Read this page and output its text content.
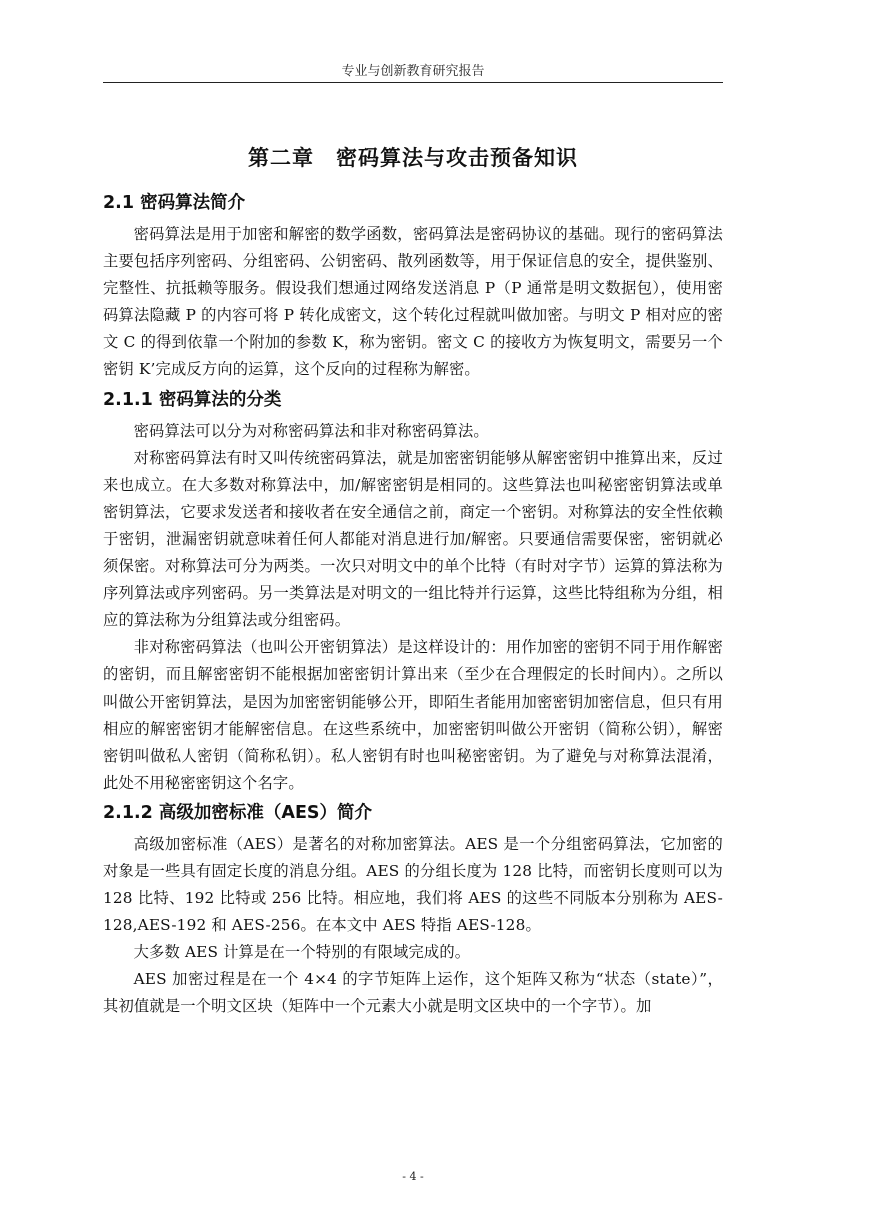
专业与创新教育研究报告
第二章　密码算法与攻击预备知识
2.1 密码算法简介

密码算法是用于加密和解密的数学函数，密码算法是密码协议的基础。现行的密码算法主要包括序列密码、分组密码、公钥密码、散列函数等，用于保证信息的安全，提供鉴别、完整性、抗抵赖等服务。假设我们想通过网络发送消息 P（P 通常是明文数据包），使用密码算法隐藏 P 的内容可将 P 转化成密文，这个转化过程就叫做加密。与明文 P 相对应的密文 C 的得到依靠一个附加的参数 K，称为密钥。密文 C 的接收方为恢复明文，需要另一个密钥 K’完成反方向的运算，这个反向的过程称为解密。

2.1.1 密码算法的分类

密码算法可以分为对称密码算法和非对称密码算法。

对称密码算法有时又叫传统密码算法，就是加密密钥能够从解密密钥中推算出来，反过来也成立。在大多数对称算法中，加/解密密钥是相同的。这些算法也叫秘密密钥算法或单密钥算法，它要求发送者和接收者在安全通信之前，商定一个密钥。对称算法的安全性依赖于密钥，泄漏密钥就意味着任何人都能对消息进行加/解密。只要通信需要保密，密钥就必须保密。对称算法可分为两类。一次只对明文中的单个比特（有时对字节）运算的算法称为序列算法或序列密码。另一类算法是对明文的一组比特并行运算，这些比特组称为分组，相应的算法称为分组算法或分组密码。

非对称密码算法（也叫公开密钥算法）是这样设计的：用作加密的密钥不同于用作解密的密钥，而且解密密钥不能根据加密密钥计算出来（至少在合理假定的长时间内）。之所以叫做公开密钥算法，是因为加密密钥能够公开，即陌生者能用加密密钥加密信息，但只有用相应的解密密钥才能解密信息。在这些系统中，加密密钥叫做公开密钥（简称公钥），解密密钥叫做私人密钥（简称私钥）。私人密钥有时也叫秘密密钥。为了避免与对称算法混淆，此处不用秘密密钥这个名字。

2.1.2 高级加密标准（AES）简介

高级加密标准（AES）是著名的对称加密算法。AES 是一个分组密码算法，它加密的对象是一些具有固定长度的消息分组。AES 的分组长度为 128 比特，而密钥长度则可以为 128 比特、192 比特或 256 比特。相应地，我们将 AES 的这些不同版本分别称为 AES-128,AES-192 和 AES-256。在本文中 AES 特指 AES-128。

大多数 AES 计算是在一个特别的有限域完成的。

AES 加密过程是在一个 4×4 的字节矩阵上运作，这个矩阵又称为“状态（state）”，其初值就是一个明文区块（矩阵中一个元素大小就是明文区块中的一个字节）。加

- 4 -
